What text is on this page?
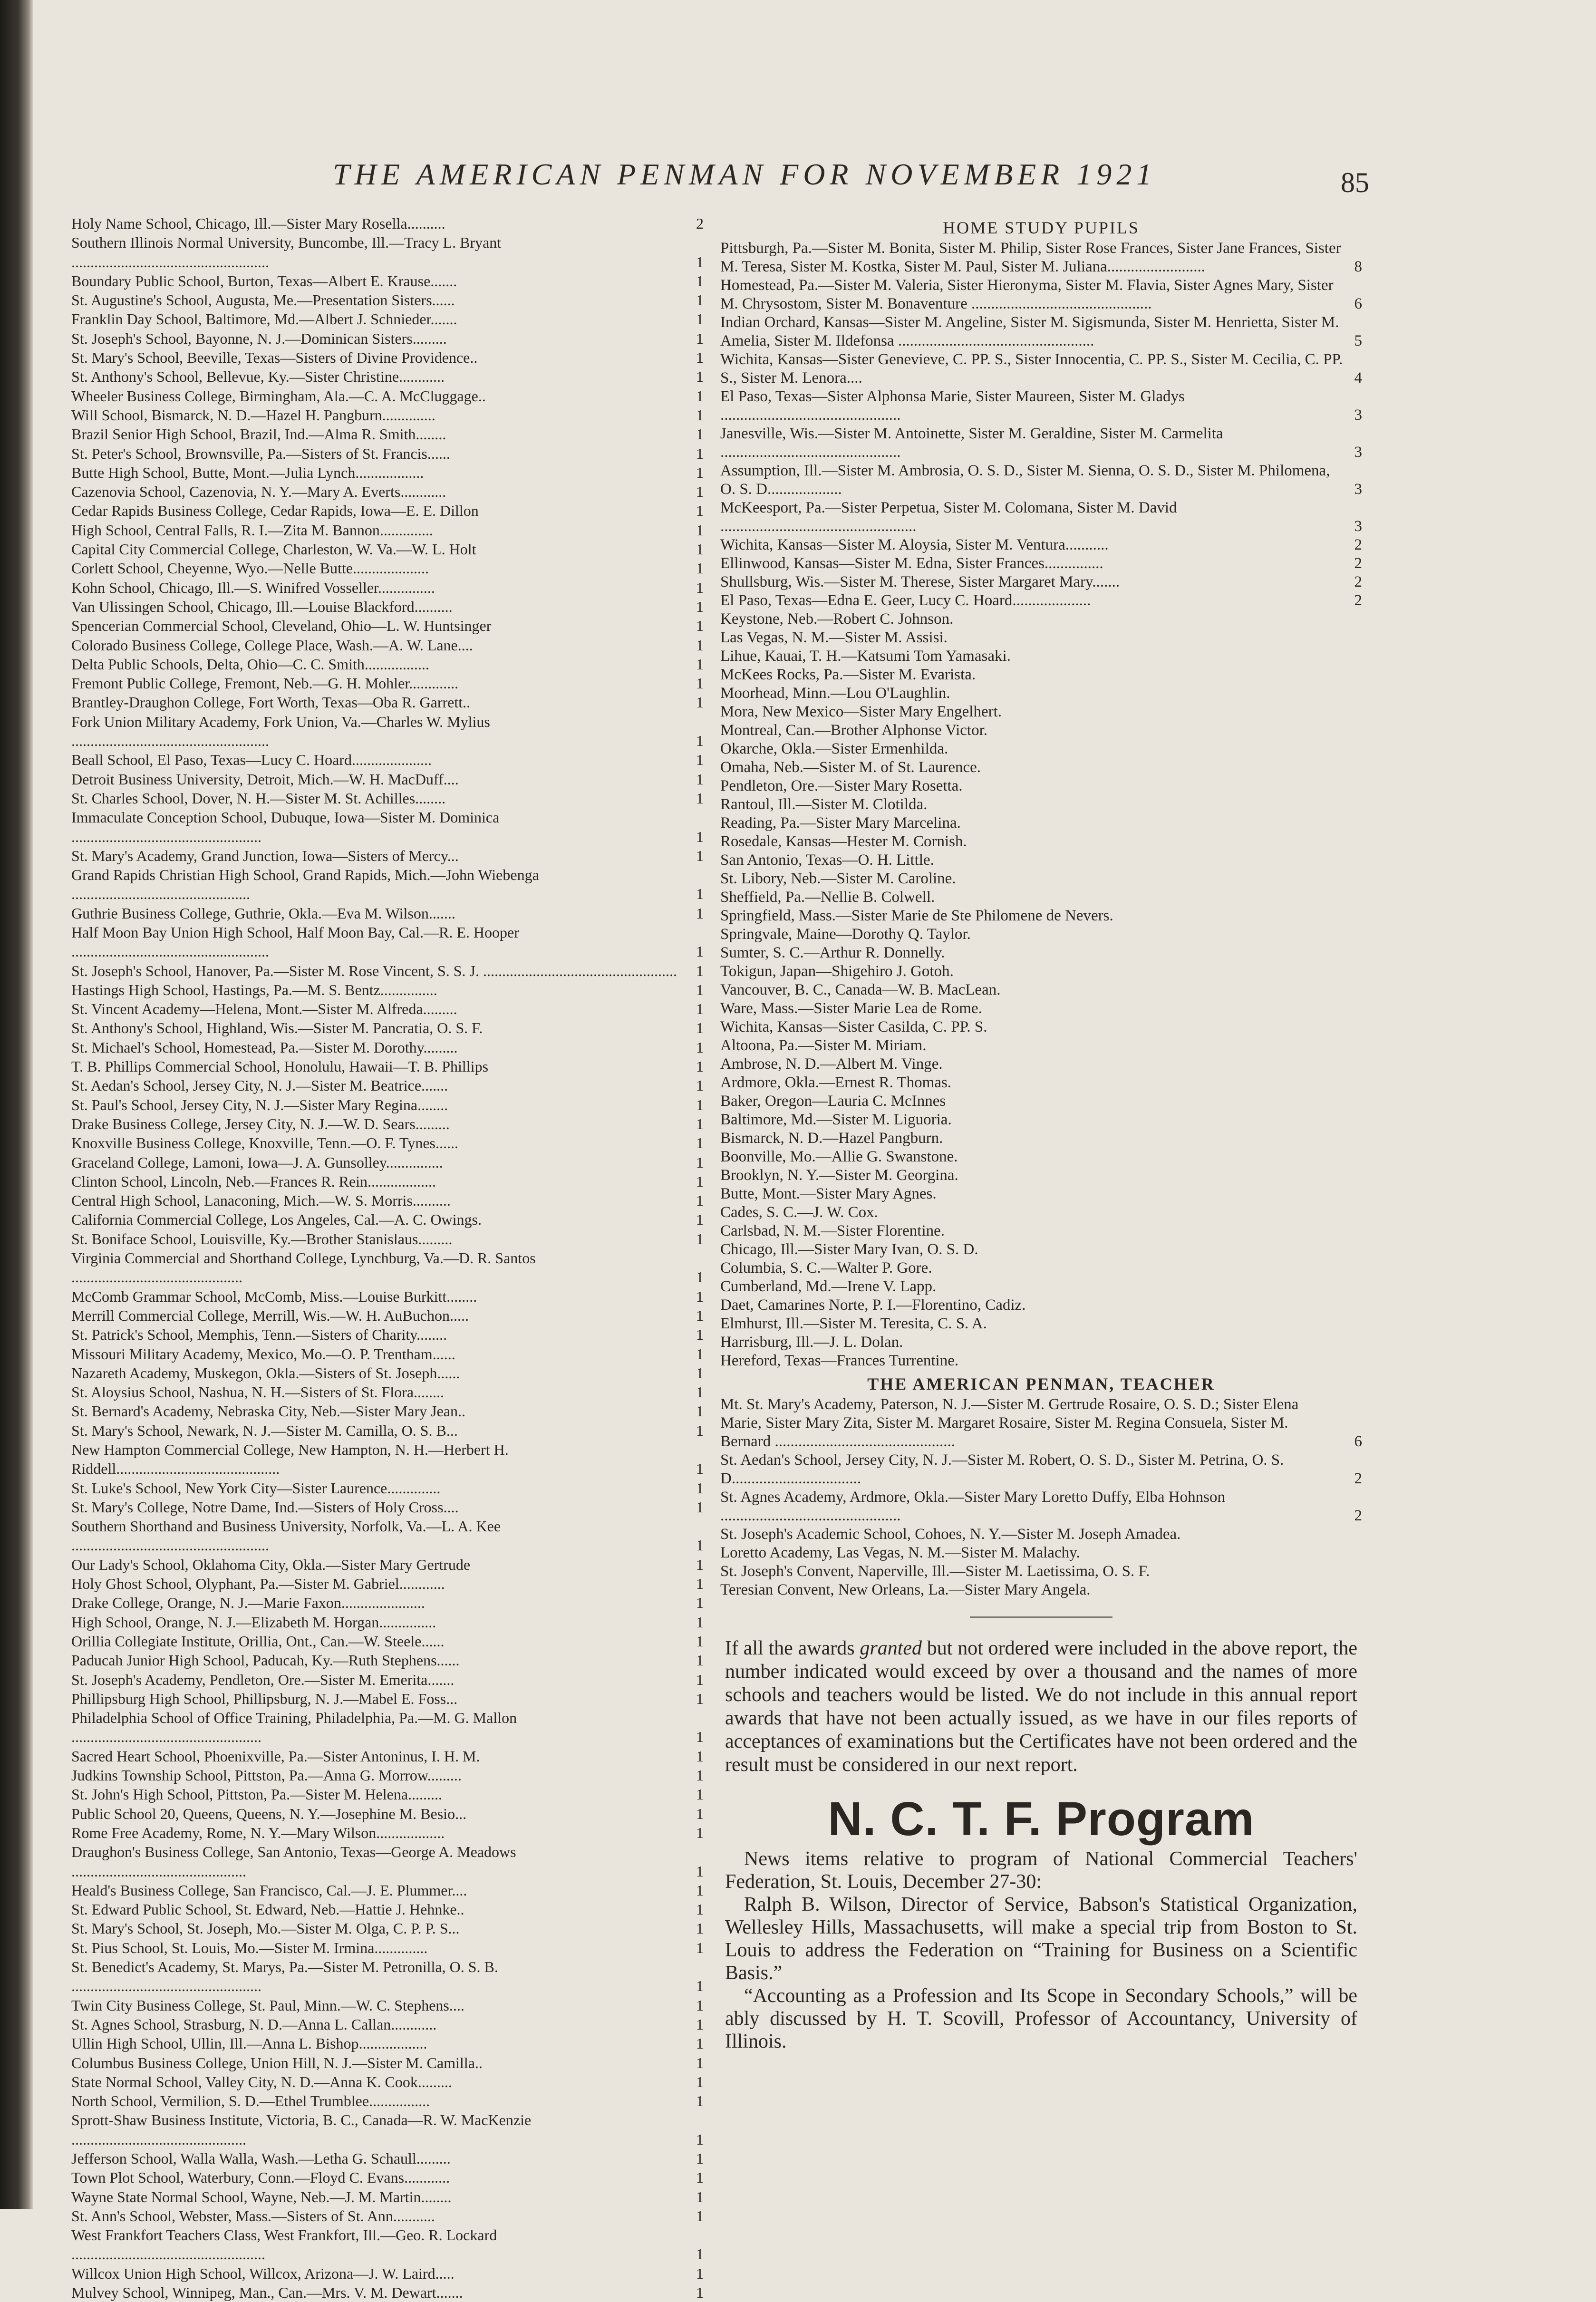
THE AMERICAN PENMAN FOR NOVEMBER 1921	85
Holy Name School, Chicago, Ill.—Sister Mary Rosella..........	2
Southern Illinois Normal University, Buncombe, Ill.—Tracy L. Bryant ....................................................	1
Boundary Public School, Burton, Texas—Albert E. Krause.......	1
St. Augustine's School, Augusta, Me.—Presentation Sisters......	1
Franklin Day School, Baltimore, Md.—Albert J. Schnieder.......	1
St. Joseph's School, Bayonne, N. J.—Dominican Sisters.........	1
St. Mary's School, Beeville, Texas—Sisters of Divine Providence..	1
St. Anthony's School, Bellevue, Ky.—Sister Christine............	1
Wheeler Business College, Birmingham, Ala.—C. A. McCluggage..	1
Will School, Bismarck, N. D.—Hazel H. Pangburn..............	1
Brazil Senior High School, Brazil, Ind.—Alma R. Smith........	1
St. Peter's School, Brownsville, Pa.—Sisters of St. Francis......	1
Butte High School, Butte, Mont.—Julia Lynch..................	1
Cazenovia School, Cazenovia, N. Y.—Mary A. Everts............	1
Cedar Rapids Business College, Cedar Rapids, Iowa—E. E. Dillon	1
High School, Central Falls, R. I.—Zita M. Bannon..............	1
Capital City Commercial College, Charleston, W. Va.—W. L. Holt	1
Corlett School, Cheyenne, Wyo.—Nelle Butte....................	1
Kohn School, Chicago, Ill.—S. Winifred Vosseller...............	1
Van Ulissingen School, Chicago, Ill.—Louise Blackford..........	1
Spencerian Commercial School, Cleveland, Ohio—L. W. Huntsinger	1
Colorado Business College, College Place, Wash.—A. W. Lane....	1
Delta Public Schools, Delta, Ohio—C. C. Smith.................	1
Fremont Public College, Fremont, Neb.—G. H. Mohler.............	1
Brantley-Draughon College, Fort Worth, Texas—Oba R. Garrett..	1
Fork Union Military Academy, Fork Union, Va.—Charles W. Mylius ....................................................	1
Beall School, El Paso, Texas—Lucy C. Hoard.....................	1
Detroit Business University, Detroit, Mich.—W. H. MacDuff....	1
St. Charles School, Dover, N. H.—Sister M. St. Achilles........	1
Immaculate Conception School, Dubuque, Iowa—Sister M. Dominica ..................................................	1
St. Mary's Academy, Grand Junction, Iowa—Sisters of Mercy...	1
Grand Rapids Christian High School, Grand Rapids, Mich.—John Wiebenga ...............................................	1
Guthrie Business College, Guthrie, Okla.—Eva M. Wilson.......	1
Half Moon Bay Union High School, Half Moon Bay, Cal.—R. E. Hooper ....................................................	1
St. Joseph's School, Hanover, Pa.—Sister M. Rose Vincent, S. S. J. ...................................................	1
Hastings High School, Hastings, Pa.—M. S. Bentz...............	1
St. Vincent Academy—Helena, Mont.—Sister M. Alfreda.........	1
St. Anthony's School, Highland, Wis.—Sister M. Pancratia, O. S. F.	1
St. Michael's School, Homestead, Pa.—Sister M. Dorothy.........	1
T. B. Phillips Commercial School, Honolulu, Hawaii—T. B. Phillips	1
St. Aedan's School, Jersey City, N. J.—Sister M. Beatrice.......	1
St. Paul's School, Jersey City, N. J.—Sister Mary Regina........	1
Drake Business College, Jersey City, N. J.—W. D. Sears.........	1
Knoxville Business College, Knoxville, Tenn.—O. F. Tynes......	1
Graceland College, Lamoni, Iowa—J. A. Gunsolley...............	1
Clinton School, Lincoln, Neb.—Frances R. Rein..................	1
Central High School, Lanaconing, Mich.—W. S. Morris..........	1
California Commercial College, Los Angeles, Cal.—A. C. Owings.	1
St. Boniface School, Louisville, Ky.—Brother Stanislaus.........	1
Virginia Commercial and Shorthand College, Lynchburg, Va.—D. R. Santos .............................................	1
McComb Grammar School, McComb, Miss.—Louise Burkitt........	1
Merrill Commercial College, Merrill, Wis.—W. H. AuBuchon.....	1
St. Patrick's School, Memphis, Tenn.—Sisters of Charity........	1
Missouri Military Academy, Mexico, Mo.—O. P. Trentham......	1
Nazareth Academy, Muskegon, Okla.—Sisters of St. Joseph......	1
St. Aloysius School, Nashua, N. H.—Sisters of St. Flora........	1
St. Bernard's Academy, Nebraska City, Neb.—Sister Mary Jean..	1
St. Mary's School, Newark, N. J.—Sister M. Camilla, O. S. B...	1
New Hampton Commercial College, New Hampton, N. H.—Herbert H. Riddell...........................................	1
St. Luke's School, New York City—Sister Laurence..............	1
St. Mary's College, Notre Dame, Ind.—Sisters of Holy Cross....	1
Southern Shorthand and Business University, Norfolk, Va.—L. A. Kee ....................................................	1
Our Lady's School, Oklahoma City, Okla.—Sister Mary Gertrude	1
Holy Ghost School, Olyphant, Pa.—Sister M. Gabriel............	1
Drake College, Orange, N. J.—Marie Faxon......................	1
High School, Orange, N. J.—Elizabeth M. Horgan...............	1
Orillia Collegiate Institute, Orillia, Ont., Can.—W. Steele......	1
Paducah Junior High School, Paducah, Ky.—Ruth Stephens......	1
St. Joseph's Academy, Pendleton, Ore.—Sister M. Emerita.......	1
Phillipsburg High School, Phillipsburg, N. J.—Mabel E. Foss...	1
Philadelphia School of Office Training, Philadelphia, Pa.—M. G. Mallon ..................................................	1
Sacred Heart School, Phoenixville, Pa.—Sister Antoninus, I. H. M.	1
Judkins Township School, Pittston, Pa.—Anna G. Morrow.........	1
St. John's High School, Pittston, Pa.—Sister M. Helena.........	1
Public School 20, Queens, Queens, N. Y.—Josephine M. Besio...	1
Rome Free Academy, Rome, N. Y.—Mary Wilson..................	1
Draughon's Business College, San Antonio, Texas—George A. Meadows ..............................................	1
Heald's Business College, San Francisco, Cal.—J. E. Plummer....	1
St. Edward Public School, St. Edward, Neb.—Hattie J. Hehnke..	1
St. Mary's School, St. Joseph, Mo.—Sister M. Olga, C. P. P. S...	1
St. Pius School, St. Louis, Mo.—Sister M. Irmina..............	1
St. Benedict's Academy, St. Marys, Pa.—Sister M. Petronilla, O. S. B. ..................................................	1
Twin City Business College, St. Paul, Minn.—W. C. Stephens....	1
St. Agnes School, Strasburg, N. D.—Anna L. Callan............	1
Ullin High School, Ullin, Ill.—Anna L. Bishop..................	1
Columbus Business College, Union Hill, N. J.—Sister M. Camilla..	1
State Normal School, Valley City, N. D.—Anna K. Cook.........	1
North School, Vermilion, S. D.—Ethel Trumblee................	1
Sprott-Shaw Business Institute, Victoria, B. C., Canada—R. W. MacKenzie ..............................................	1
Jefferson School, Walla Walla, Wash.—Letha G. Schaull.........	1
Town Plot School, Waterbury, Conn.—Floyd C. Evans............	1
Wayne State Normal School, Wayne, Neb.—J. M. Martin........	1
St. Ann's School, Webster, Mass.—Sisters of St. Ann...........	1
West Frankfort Teachers Class, West Frankfort, Ill.—Geo. R. Lockard ...................................................	1
Willcox Union High School, Willcox, Arizona—J. W. Laird.....	1
Mulvey School, Winnipeg, Man., Can.—Mrs. V. M. Dewart.......	1
HOME STUDY PUPILS
Pittsburgh, Pa.—Sister M. Bonita, Sister M. Philip, Sister Rose Frances, Sister Jane Frances, Sister M. Teresa, Sister M. Kostka, Sister M. Paul, Sister M. Juliana.........................	8
Homestead, Pa.—Sister M. Valeria, Sister Hieronyma, Sister M. Flavia, Sister Agnes Mary, Sister M. Chrysostom, Sister M. Bonaventure ..............................................	6
Indian Orchard, Kansas—Sister M. Angeline, Sister M. Sigismunda, Sister M. Henrietta, Sister M. Amelia, Sister M. Ildefonsa ..................................................	5
Wichita, Kansas—Sister Genevieve, C. PP. S., Sister Innocentia, C. PP. S., Sister M. Cecilia, C. PP. S., Sister M. Lenora....	4
El Paso, Texas—Sister Alphonsa Marie, Sister Maureen, Sister M. Gladys ..............................................	3
Janesville, Wis.—Sister M. Antoinette, Sister M. Geraldine, Sister M. Carmelita ..............................................	3
Assumption, Ill.—Sister M. Ambrosia, O. S. D., Sister M. Sienna, O. S. D., Sister M. Philomena, O. S. D...................	3
McKeesport, Pa.—Sister Perpetua, Sister M. Colomana, Sister M. David ..................................................	3
Wichita, Kansas—Sister M. Aloysia, Sister M. Ventura...........	2
Ellinwood, Kansas—Sister M. Edna, Sister Frances...............	2
Shullsburg, Wis.—Sister M. Therese, Sister Margaret Mary.......	2
El Paso, Texas—Edna E. Geer, Lucy C. Hoard....................	2
Keystone, Neb.—Robert C. Johnson.
Las Vegas, N. M.—Sister M. Assisi.
Lihue, Kauai, T. H.—Katsumi Tom Yamasaki.
McKees Rocks, Pa.—Sister M. Evarista.
Moorhead, Minn.—Lou O'Laughlin.
Mora, New Mexico—Sister Mary Engelhert.
Montreal, Can.—Brother Alphonse Victor.
Okarche, Okla.—Sister Ermenhilda.
Omaha, Neb.—Sister M. of St. Laurence.
Pendleton, Ore.—Sister Mary Rosetta.
Rantoul, Ill.—Sister M. Clotilda.
Reading, Pa.—Sister Mary Marcelina.
Rosedale, Kansas—Hester M. Cornish.
San Antonio, Texas—O. H. Little.
St. Libory, Neb.—Sister M. Caroline.
Sheffield, Pa.—Nellie B. Colwell.
Springfield, Mass.—Sister Marie de Ste Philomene de Nevers.
Springvale, Maine—Dorothy Q. Taylor.
Sumter, S. C.—Arthur R. Donnelly.
Tokigun, Japan—Shigehiro J. Gotoh.
Vancouver, B. C., Canada—W. B. MacLean.
Ware, Mass.—Sister Marie Lea de Rome.
Wichita, Kansas—Sister Casilda, C. PP. S.
Altoona, Pa.—Sister M. Miriam.
Ambrose, N. D.—Albert M. Vinge.
Ardmore, Okla.—Ernest R. Thomas.
Baker, Oregon—Lauria C. McInnes
Baltimore, Md.—Sister M. Liguoria.
Bismarck, N. D.—Hazel Pangburn.
Boonville, Mo.—Allie G. Swanstone.
Brooklyn, N. Y.—Sister M. Georgina.
Butte, Mont.—Sister Mary Agnes.
Cades, S. C.—J. W. Cox.
Carlsbad, N. M.—Sister Florentine.
Chicago, Ill.—Sister Mary Ivan, O. S. D.
Columbia, S. C.—Walter P. Gore.
Cumberland, Md.—Irene V. Lapp.
Daet, Camarines Norte, P. I.—Florentino, Cadiz.
Elmhurst, Ill.—Sister M. Teresita, C. S. A.
Harrisburg, Ill.—J. L. Dolan.
Hereford, Texas—Frances Turrentine.
THE AMERICAN PENMAN, TEACHER
Mt. St. Mary's Academy, Paterson, N. J.—Sister M. Gertrude Rosaire, O. S. D.; Sister Elena Marie, Sister Mary Zita, Sister M. Margaret Rosaire, Sister M. Regina Consuela, Sister M. Bernard ..............................................	6
St. Aedan's School, Jersey City, N. J.—Sister M. Robert, O. S. D., Sister M. Petrina, O. S. D.................................	2
St. Agnes Academy, Ardmore, Okla.—Sister Mary Loretto Duffy, Elba Hohnson ..............................................	2
St. Joseph's Academic School, Cohoes, N. Y.—Sister M. Joseph Amadea.
Loretto Academy, Las Vegas, N. M.—Sister M. Malachy.
St. Joseph's Convent, Naperville, Ill.—Sister M. Laetissima, O. S. F.
Teresian Convent, New Orleans, La.—Sister Mary Angela.
If all the awards granted but not ordered were included in the above report, the number indicated would exceed by over a thousand and the names of more schools and teachers would be listed. We do not include in this annual report awards that have not been actually issued, as we have in our files reports of acceptances of examinations but the Certificates have not been ordered and the result must be considered in our next report.
N. C. T. F. Program

News items relative to program of National Commercial Teachers' Federation, St. Louis, December 27-30:

Ralph B. Wilson, Director of Service, Babson's Statistical Organization, Wellesley Hills, Massachusetts, will make a special trip from Boston to St. Louis to address the Federation on “Training for Business on a Scientific Basis.”

“Accounting as a Profession and Its Scope in Secondary Schools,” will be ably discussed by H. T. Scovill, Professor of Accountancy, University of Illinois.
